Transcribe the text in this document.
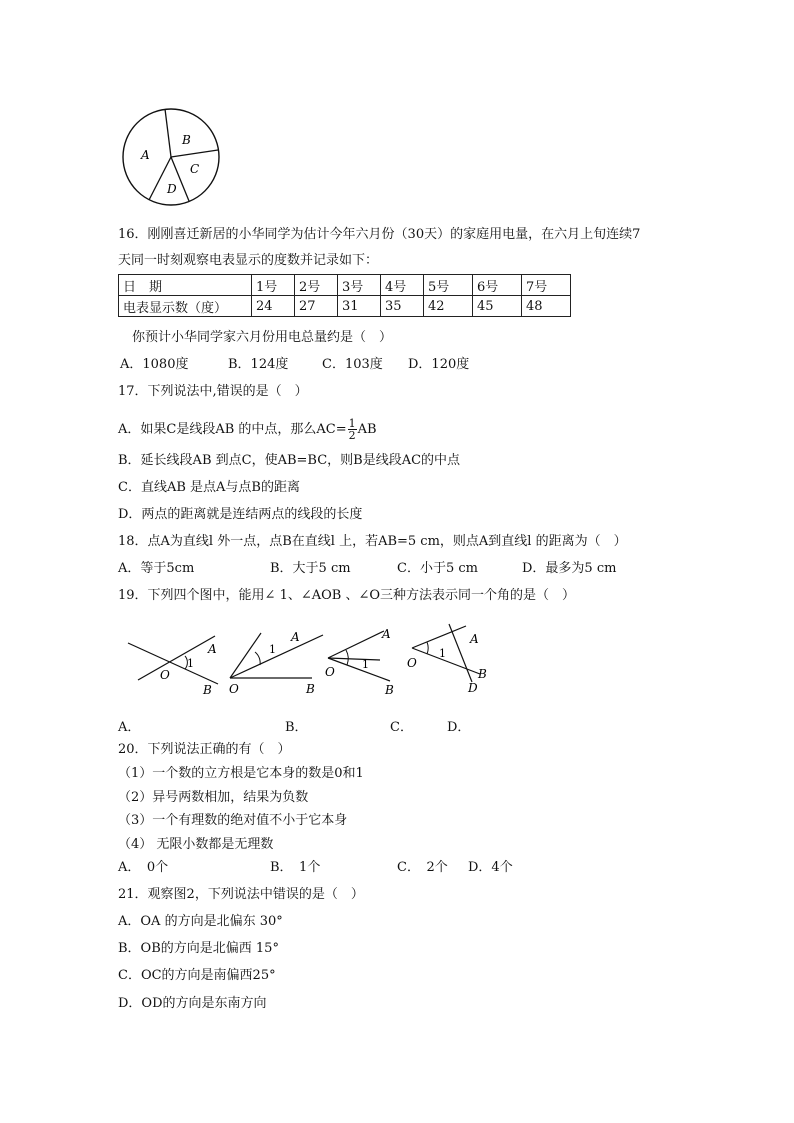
A
B
C
D
16．刚刚喜迁新居的小华同学为估计今年六月份（30天）的家庭用电量，在六月上旬连续7
天同一时刻观察电表显示的度数并记录如下：
日　期	1号	2号	3号	4号	5号	6号	7号
电表显示数（度）	24	27	31	35	42	45	48
你预计小华同学家六月份用电总量约是（　）
A．1080度	B．124度	C．103度 D．120度
17．下列说法中,错误的是（　）
A．如果C是线段AB 的中点，那么$AC= \frac{1}{2}$ AB
B．延长线段AB 到点C，使AB=BC，则B是线段AC的中点
C．直线AB 是点A与点B的距离
D．两点的距离就是连结两点的线段的长度
18．点A为直线l 外一点，点B在直线l 上，若AB=5 cm，则点A到直线l 的距离为（　）
A．等于5cm	B．大于5 cm	C．小于5 cm	D．最多为5 cm
19．下列四个图中，能用∠ 1、∠AOB 、∠O三种方法表示同一个角的是（　）
O
A
B
1
O
A
B
1
O
A
B
1	O
A
B
D
1
A．	B．	C．	D．
20．下列说法正确的有（　）
（1）一个数的立方根是它本身的数是0和1
（2）异号两数相加，结果为负数
（3）一个有理数的绝对值不小于它本身
（4） 无限小数都是无理数
A．　0个	B．　1个	C．　2个 D．4个
21．观察图2，下列说法中错误的是（　）
A．OA 的方向是北偏东 30°
B．OB的方向是北偏西 15°
C．OC的方向是南偏西25°
D．OD的方向是东南方向
